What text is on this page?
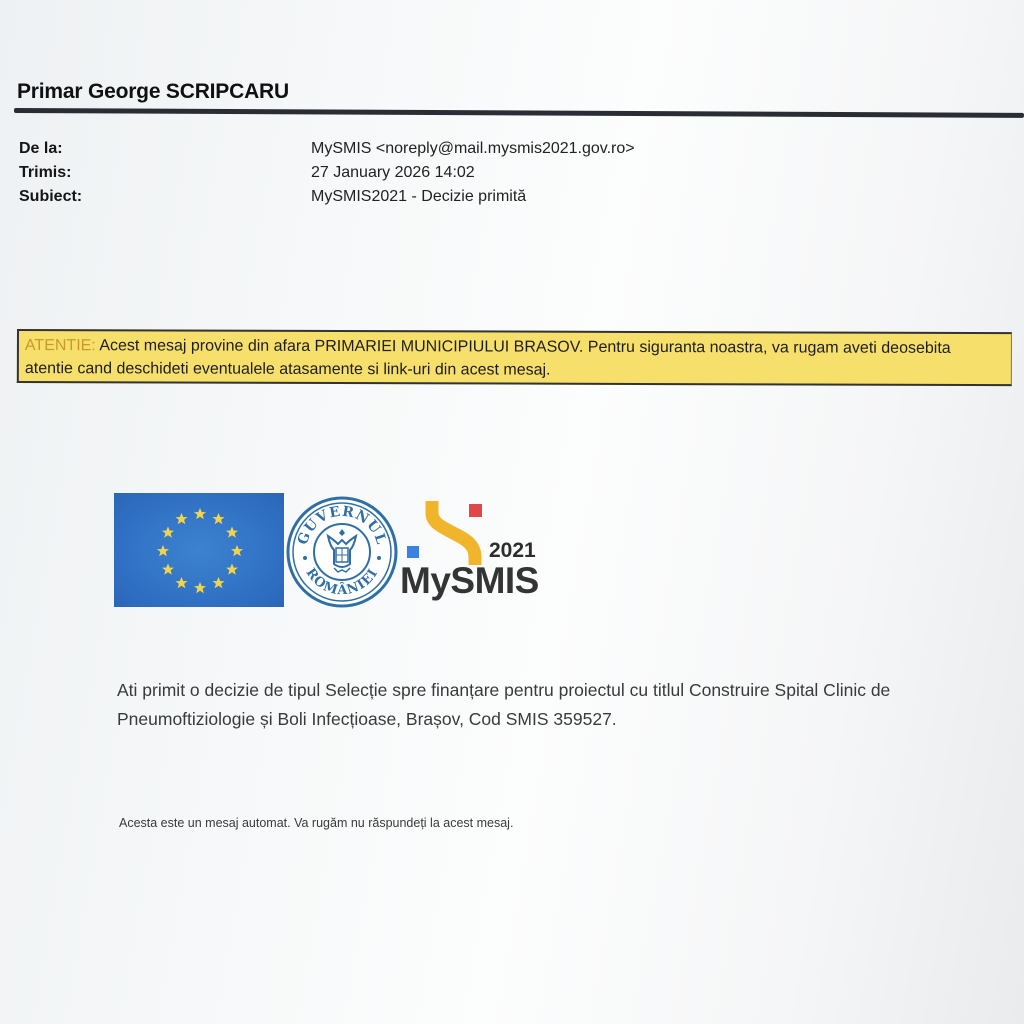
Primar George SCRIPCARU
De la:	MySMIS <noreply@mail.mysmis2021.gov.ro>
Trimis:	27 January 2026 14:02
Subiect:	MySMIS2021 - Decizie primită
ATENTIE: Acest mesaj provine din afara PRIMARIEI MUNICIPIULUI BRASOV. Pentru siguranta noastra, va rugam aveti deosebita atentie cand deschideti eventualele atasamente si link-uri din acest mesaj.
GUVERNUL
ROMÂNIEI
2021
MySMIS
Ati primit o decizie de tipul Selecție spre finanțare pentru proiectul cu titlul Construire Spital Clinic de Pneumoftiziologie și Boli Infecțioase, Brașov, Cod SMIS 359527.
Acesta este un mesaj automat. Va rugăm nu răspundeți la acest mesaj.
